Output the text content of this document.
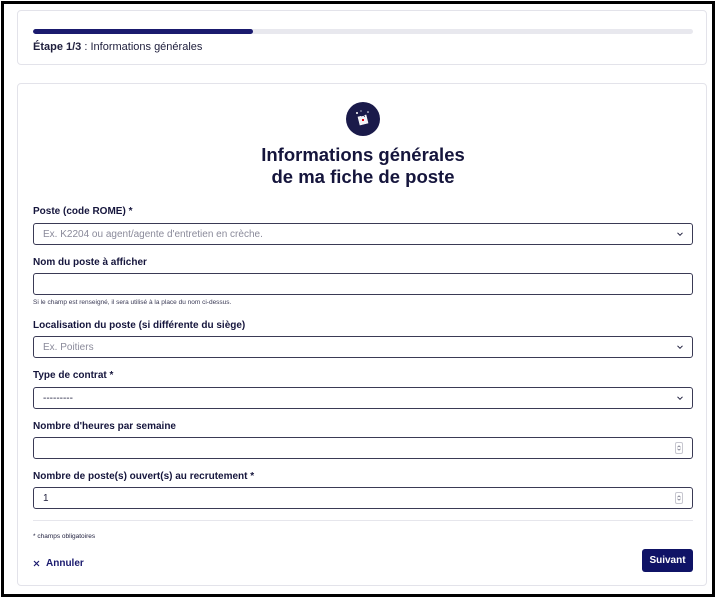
Étape 1/3 : Informations générales
Informations générales
de ma fiche de poste
Poste (code ROME) *
Ex. K2204 ou agent/agente d'entretien en crèche.
Nom du poste à afficher
Si le champ est renseigné, il sera utilisé à la place du nom ci-dessus.
Localisation du poste (si différente du siège)
Ex. Poitiers
Type de contrat *
---------
Nombre d'heures par semaine
Nombre de poste(s) ouvert(s) au recrutement *
1
* champs obligatoires
Annuler	Suivant
